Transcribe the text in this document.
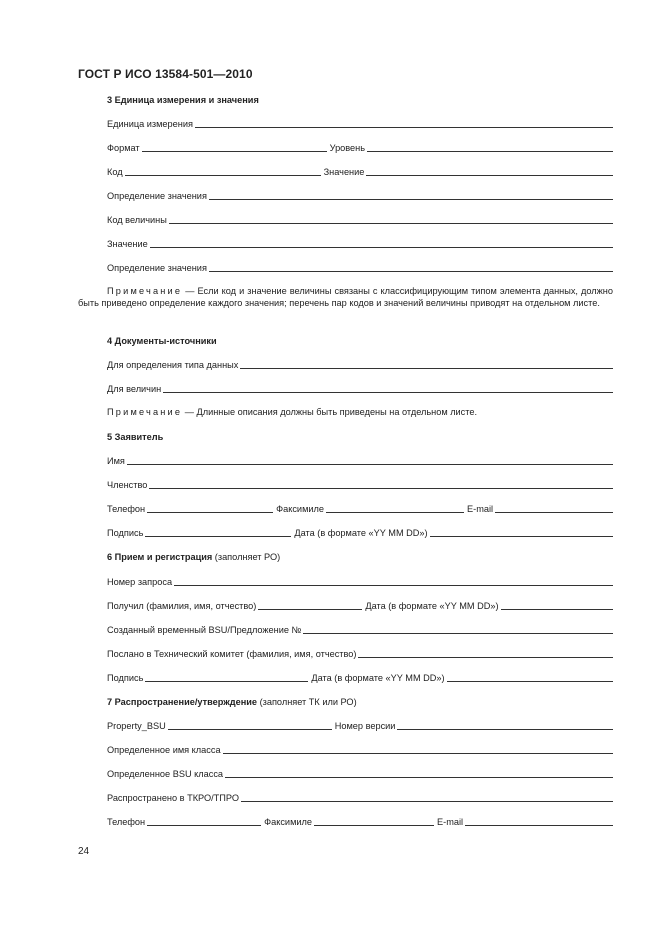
ГОСТ Р ИСО 13584-501—2010
3 Единица измерения и значения
Единица измерения
Формат	Уровень
Код	Значение
Определение значения
Код величины
Значение
Определение значения
Примечание — Если код и значение величины связаны с классифицирующим типом элемента данных, должно быть приведено определение каждого значения; перечень пар кодов и значений величины приводят на отдельном листе.
4 Документы-источники
Для определения типа данных
Для величин
Примечание — Длинные описания должны быть приведены на отдельном листе.
5 Заявитель
Имя
Членство
Телефон	Факсимиле	E-mail
Подпись	Дата (в формате «YY MM DD»)
6 Прием и регистрация (заполняет РО)
Номер запроса
Получил (фамилия, имя, отчество)	Дата (в формате «YY MM DD»)
Созданный временный BSU/Предложение №
Послано в Технический комитет (фамилия, имя, отчество)
Подпись	Дата (в формате «YY MM DD»)
7 Распространение/утверждение (заполняет ТК или РО)
Property_BSU	Номер версии
Определенное имя класса
Определенное BSU класса
Распространено в ТКРО/ТПРО
Телефон	Факсимиле	E-mail
24
